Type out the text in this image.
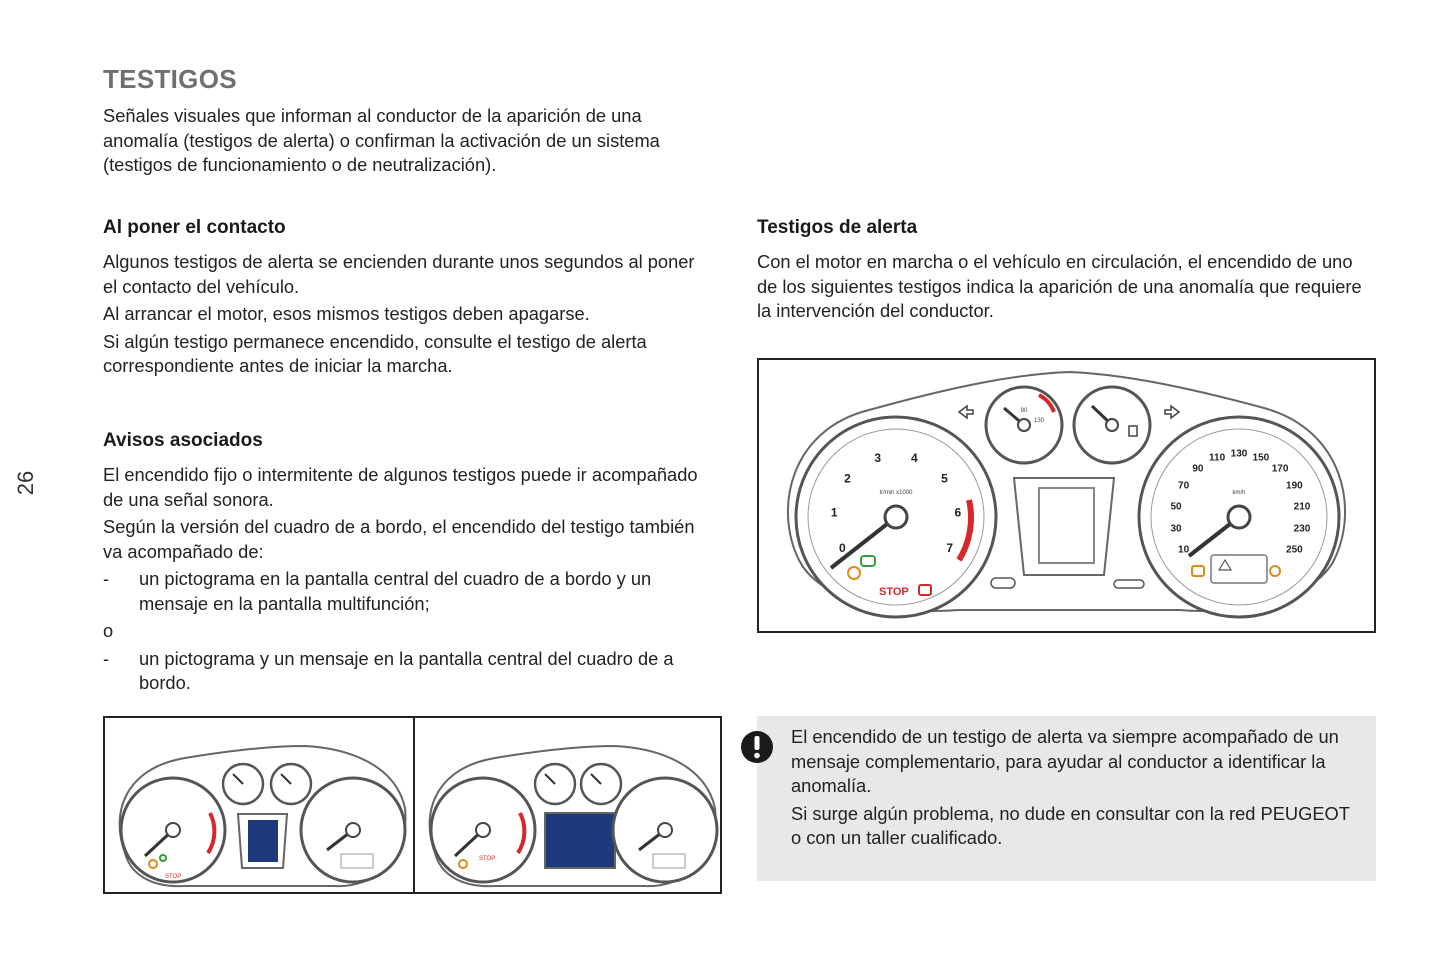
26
TESTIGOS

Señales visuales que informan al conductor de la aparición de una anomalía (testigos de alerta) o confirman la activación de un sistema (testigos de funcionamiento o de neutralización).

Al poner el contacto

Algunos testigos de alerta se encienden durante unos segundos al poner el contacto del vehículo.

Al arrancar el motor, esos mismos testigos deben apagarse.

Si algún testigo permanece encendido, consulte el testigo de alerta correspondiente antes de iniciar la marcha.

Avisos asociados

El encendido fijo o intermitente de algunos testigos puede ir acompañado de una señal sonora.

Según la versión del cuadro de a bordo, el encendido del testigo también va acompañado de:

-	un pictograma en la pantalla central del cuadro de a bordo y un mensaje en la pantalla multifunción;

o

-	un pictograma y un mensaje en la pantalla central del cuadro de a bordo.
Testigos de alerta

Con el motor en marcha o el vehículo en circulación, el encendido de uno de los siguientes testigos indica la aparición de una anomalía que requiere la intervención del conductor.

0
1
2
3 4
5
6
7
tr/min x1000
STOP
90
130
10
30
50
70
90
110 130 150
170
190
210
230
250
km/h
STOP
STOP

El encendido de un testigo de alerta va siempre acompañado de un mensaje complementario, para ayudar al conductor a identificar la anomalía.

Si surge algún problema, no dude en consultar con la red PEUGEOT o con un taller cualificado.
